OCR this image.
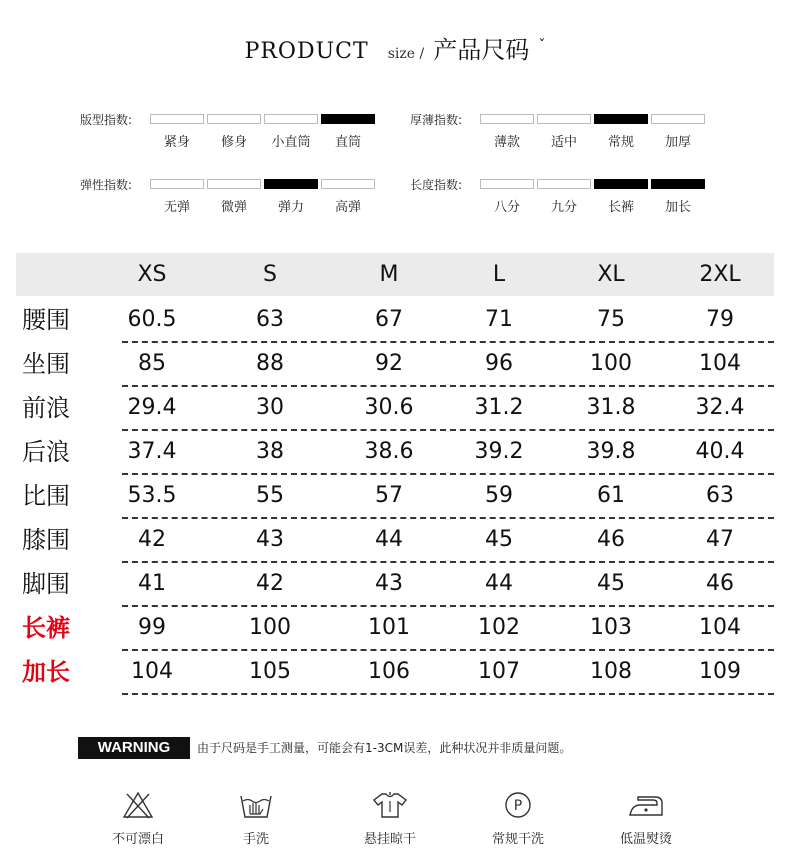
PRODUCT size / 产品尺码 ˇ
版型指数:
紧身	修身	小直筒	直筒
厚薄指数:
薄款	适中	常规	加厚
弹性指数:
无弹	微弹	弹力	高弹
长度指数:
八分	九分	长裤	加长
XS	S	M	L	XL	2XL
腰围	60.5	63	67	71	75	79
坐围	85	88	92	96	100	104
前浪	29.4	30	30.6	31.2	31.8	32.4
后浪	37.4	38	38.6	39.2	39.8	40.4
比围	53.5	55	57	59	61	63
膝围	42	43	44	45	46	47
脚围	41	42	43	44	45	46
长裤	99	100	101	102	103	104
加长	104	105	106	107	108	109
WARNING	由于尺码是手工测量，可能会有1-3CM误差，此种状况并非质量问题。
不可漂白	手洗	悬挂晾干
P
常规干洗	低温熨烫
